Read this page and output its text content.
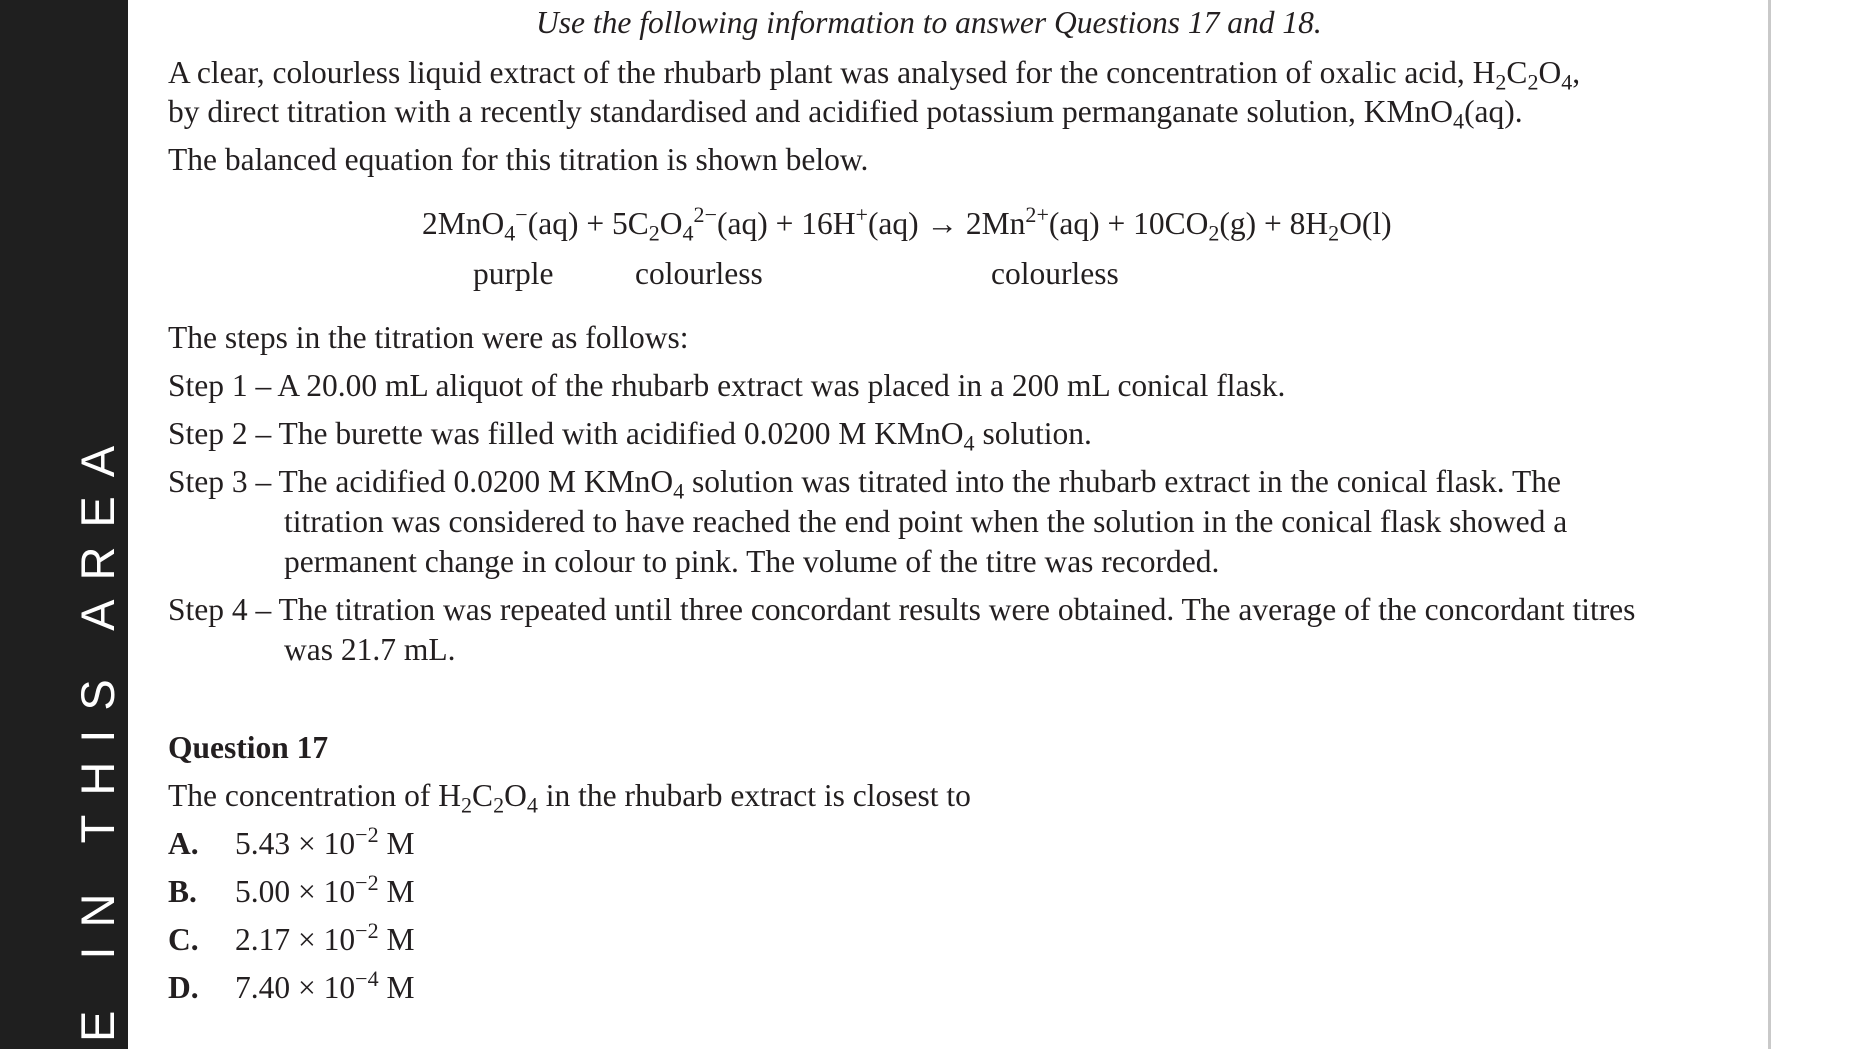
E IN THIS AREA
Use the following information to answer Questions 17 and 18.
A clear, colourless liquid extract of the rhubarb plant was analysed for the concentration of oxalic acid, $H_2C_2O_4$,
by direct titration with a recently standardised and acidified potassium permanganate solution, KMnO$_4$(aq).
The balanced equation for this titration is shown below.
$2MnO_4^-(aq) + 5C_2O_4^{2-}(aq) + 16H^+(aq) \to 2Mn^{2+}(aq) + 10CO_2(g) + 8H_2O(l)$
purple	colourless	colourless
The steps in the titration were as follows:
Step 1 – A 20.00 mL aliquot of the rhubarb extract was placed in a 200 mL conical flask.
Step 2 – The burette was filled with acidified 0.0200 M KMnO$_4$ solution.
Step 3 – The acidified 0.0200 M KMnO$_4$ solution was titrated into the rhubarb extract in the conical flask. The
titration was considered to have reached the end point when the solution in the conical flask showed a
permanent change in colour to pink. The volume of the titre was recorded.
Step 4 – The titration was repeated until three concordant results were obtained. The average of the concordant titres
was 21.7 mL.
Question 17
The concentration of $H_2C_2O_4$ in the rhubarb extract is closest to
A. $5.43 \times 10^{-2}$ M
B. $5.00 \times 10^{-2}$ M
C. $2.17 \times 10^{-2}$ M
D. $7.40 \times 10^{-4}$ M
